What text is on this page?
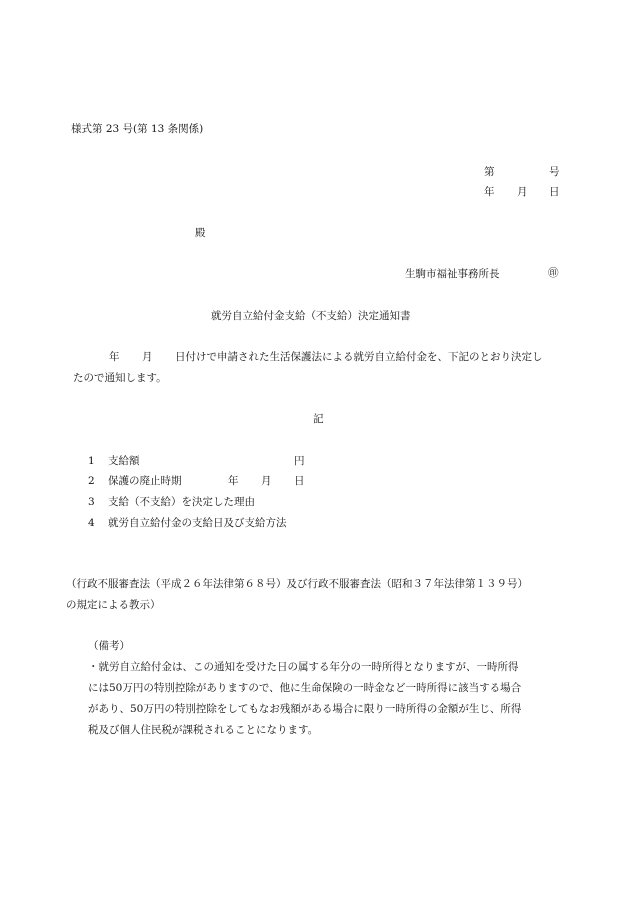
様式第 23 号(第 13 条関係)
第	号
年 月 日
殿
生駒市福祉事務所長	㊞
就労自立給付金支給（不支給）決定通知書
年 月 日付けで申請された生活保護法による就労自立給付金を、下記のとおり決定し
たので通知します。
記
1 支給額	円
2 保護の廃止時期	年 月 日
3 支給（不支給）を決定した理由
4 就労自立給付金の支給日及び支給方法
（行政不服審査法（平成２６年法律第６８号）及び行政不服審査法（昭和３７年法律第１３９号）
の規定による教示）
（備考）
・就労自立給付金は、この通知を受けた日の属する年分の一時所得となりますが、一時所得
には50万円の特別控除がありますので、他に生命保険の一時金など一時所得に該当する場合
があり、50万円の特別控除をしてもなお残額がある場合に限り一時所得の金額が生じ、所得
税及び個人住民税が課税されることになります。
